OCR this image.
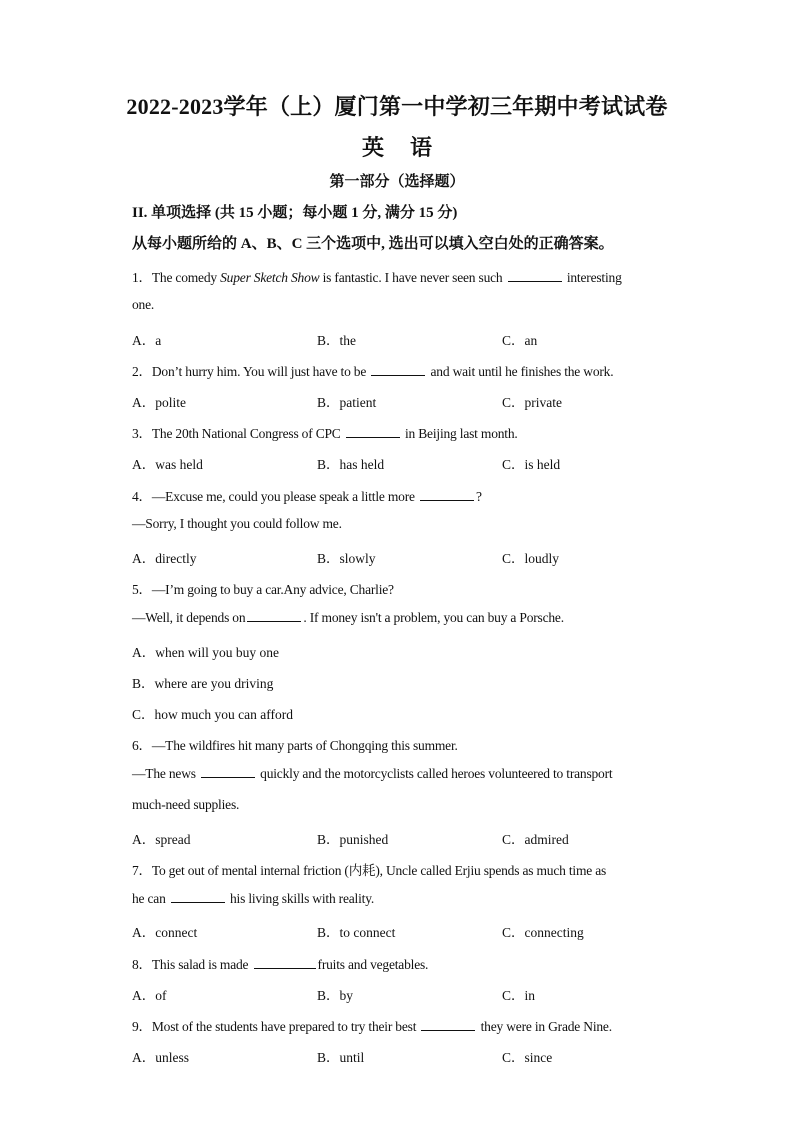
2022-2023学年（上）厦门第一中学初三年期中考试试卷
英语
第一部分（选择题）
II. 单项选择 (共 15 小题；每小题 1 分, 满分 15 分)
从每小题所给的 A、B、C 三个选项中, 选出可以填入空白处的正确答案。
1．The comedy Super Sketch Show is fantastic. I have never seen such	interesting
one.
A．a	B．the	C．an
2．Don’t hurry him. You will just have to be	and wait until he finishes the work.
A．polite	B．patient	C．private
3．The 20th National Congress of CPC	in Beijing last month.
A．was held	B．has held	C．is held
4．—Excuse me, could you please speak a little more	?
—Sorry, I thought you could follow me.
A．directly	B．slowly	C．loudly
5．—I’m going to buy a car.Any advice, Charlie?
—Well, it depends on	. If money isn't a problem, you can buy a Porsche.
A．when will you buy one
B．where are you driving
C．how much you can afford
6．—The wildfires hit many parts of Chongqing this summer.
—The news	quickly and the motorcyclists called heroes volunteered to transport
much-need supplies.
A．spread	B．punished	C．admired
7．To get out of mental internal friction (内耗), Uncle called Erjiu spends as much time as
he can	his living skills with reality.
A．connect	B．to connect	C．connecting
8．This salad is made	fruits and vegetables.
A．of	B．by	C．in
9．Most of the students have prepared to try their best	they were in Grade Nine.
A．unless	B．until	C．since
